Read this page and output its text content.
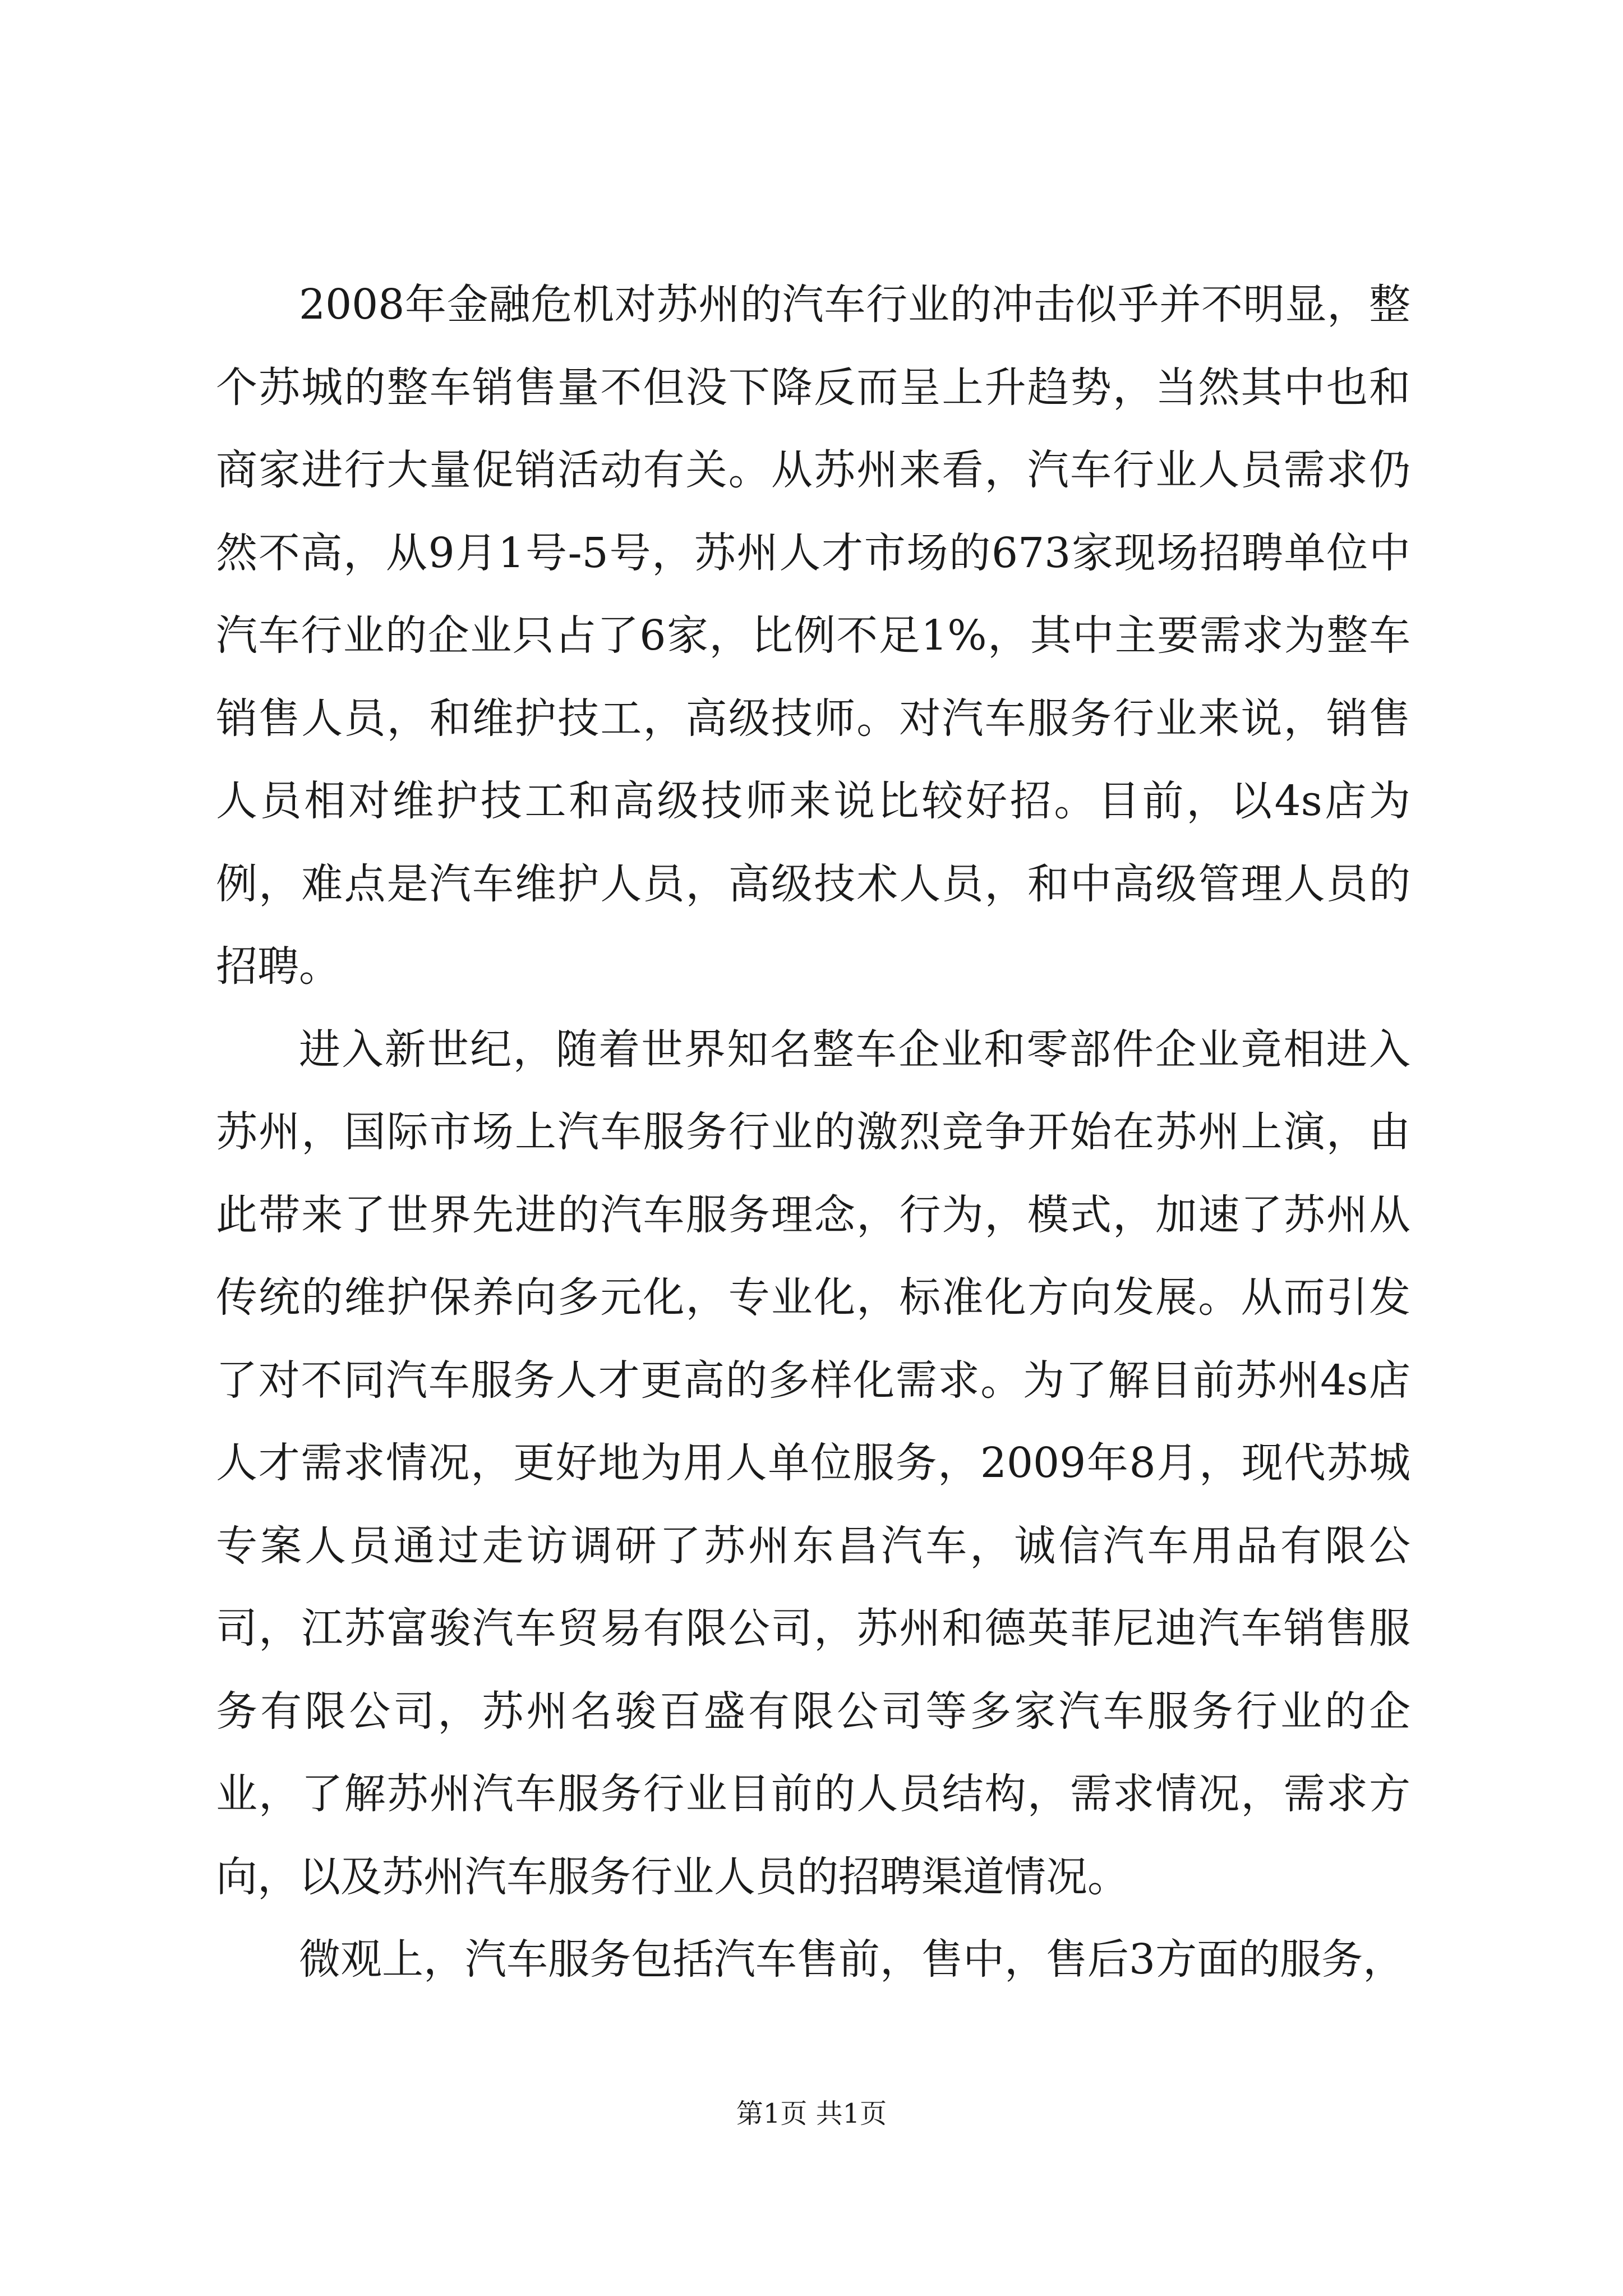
2008年金融危机对苏州的汽车行业的冲击似乎并不明显，整个苏城的整车销售量不但没下降反而呈上升趋势，当然其中也和商家进行大量促销活动有关。从苏州来看，汽车行业人员需求仍然不高，从9月1号-5号，苏州人才市场的673家现场招聘单位中汽车行业的企业只占了6家，比例不足1%，其中主要需求为整车销售人员，和维护技工，高级技师。对汽车服务行业来说，销售人员相对维护技工和高级技师来说比较好招。目前，以4s店为例，难点是汽车维护人员，高级技术人员，和中高级管理人员的招聘。

进入新世纪，随着世界知名整车企业和零部件企业竟相进入苏州，国际市场上汽车服务行业的激烈竞争开始在苏州上演，由此带来了世界先进的汽车服务理念，行为，模式，加速了苏州从传统的维护保养向多元化，专业化，标准化方向发展。从而引发了对不同汽车服务人才更高的多样化需求。为了解目前苏州4s店人才需求情况，更好地为用人单位服务，2009年8月，现代苏城专案人员通过走访调研了苏州东昌汽车，诚信汽车用品有限公司，江苏富骏汽车贸易有限公司，苏州和德英菲尼迪汽车销售服务有限公司，苏州名骏百盛有限公司等多家汽车服务行业的企业，了解苏州汽车服务行业目前的人员结构，需求情况，需求方向，以及苏州汽车服务行业人员的招聘渠道情况。

微观上，汽车服务包括汽车售前，售中，售后3方面的服务，

第1页 共1页
